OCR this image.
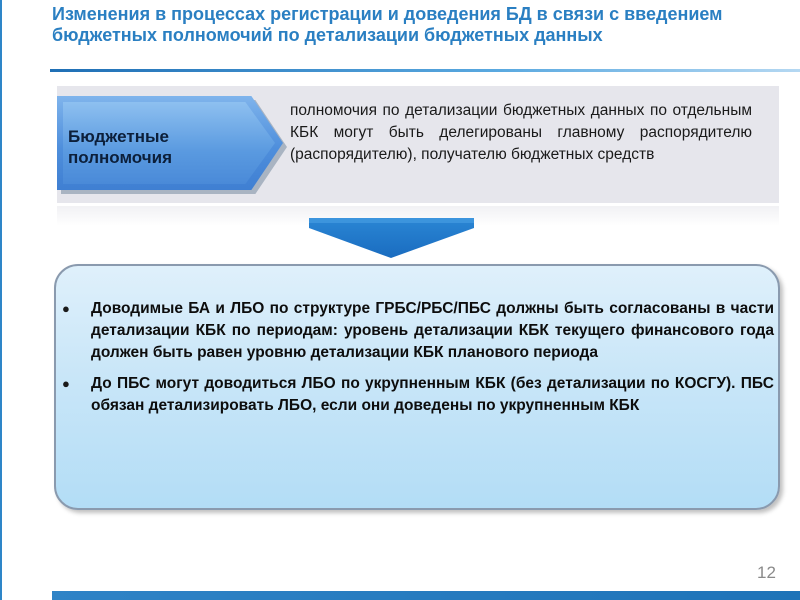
Изменения в процессах регистрации и доведения БД в связи с введением бюджетных полномочий по детализации бюджетных данных
Бюджетные полномочия
полномочия по детализации бюджетных данных по отдельным КБК могут быть делегированы главному распорядителю (распорядителю), получателю бюджетных средств
● Доводимые БА и ЛБО по структуре ГРБС/РБС/ПБС должны быть согласованы в части детализации КБК по периодам: уровень детализации КБК текущего финансового года должен быть равен уровню детализации КБК планового периода
● До ПБС могут доводиться ЛБО по укрупненным КБК (без детализации по КОСГУ). ПБС обязан детализировать ЛБО, если они доведены по укрупненным КБК
12
